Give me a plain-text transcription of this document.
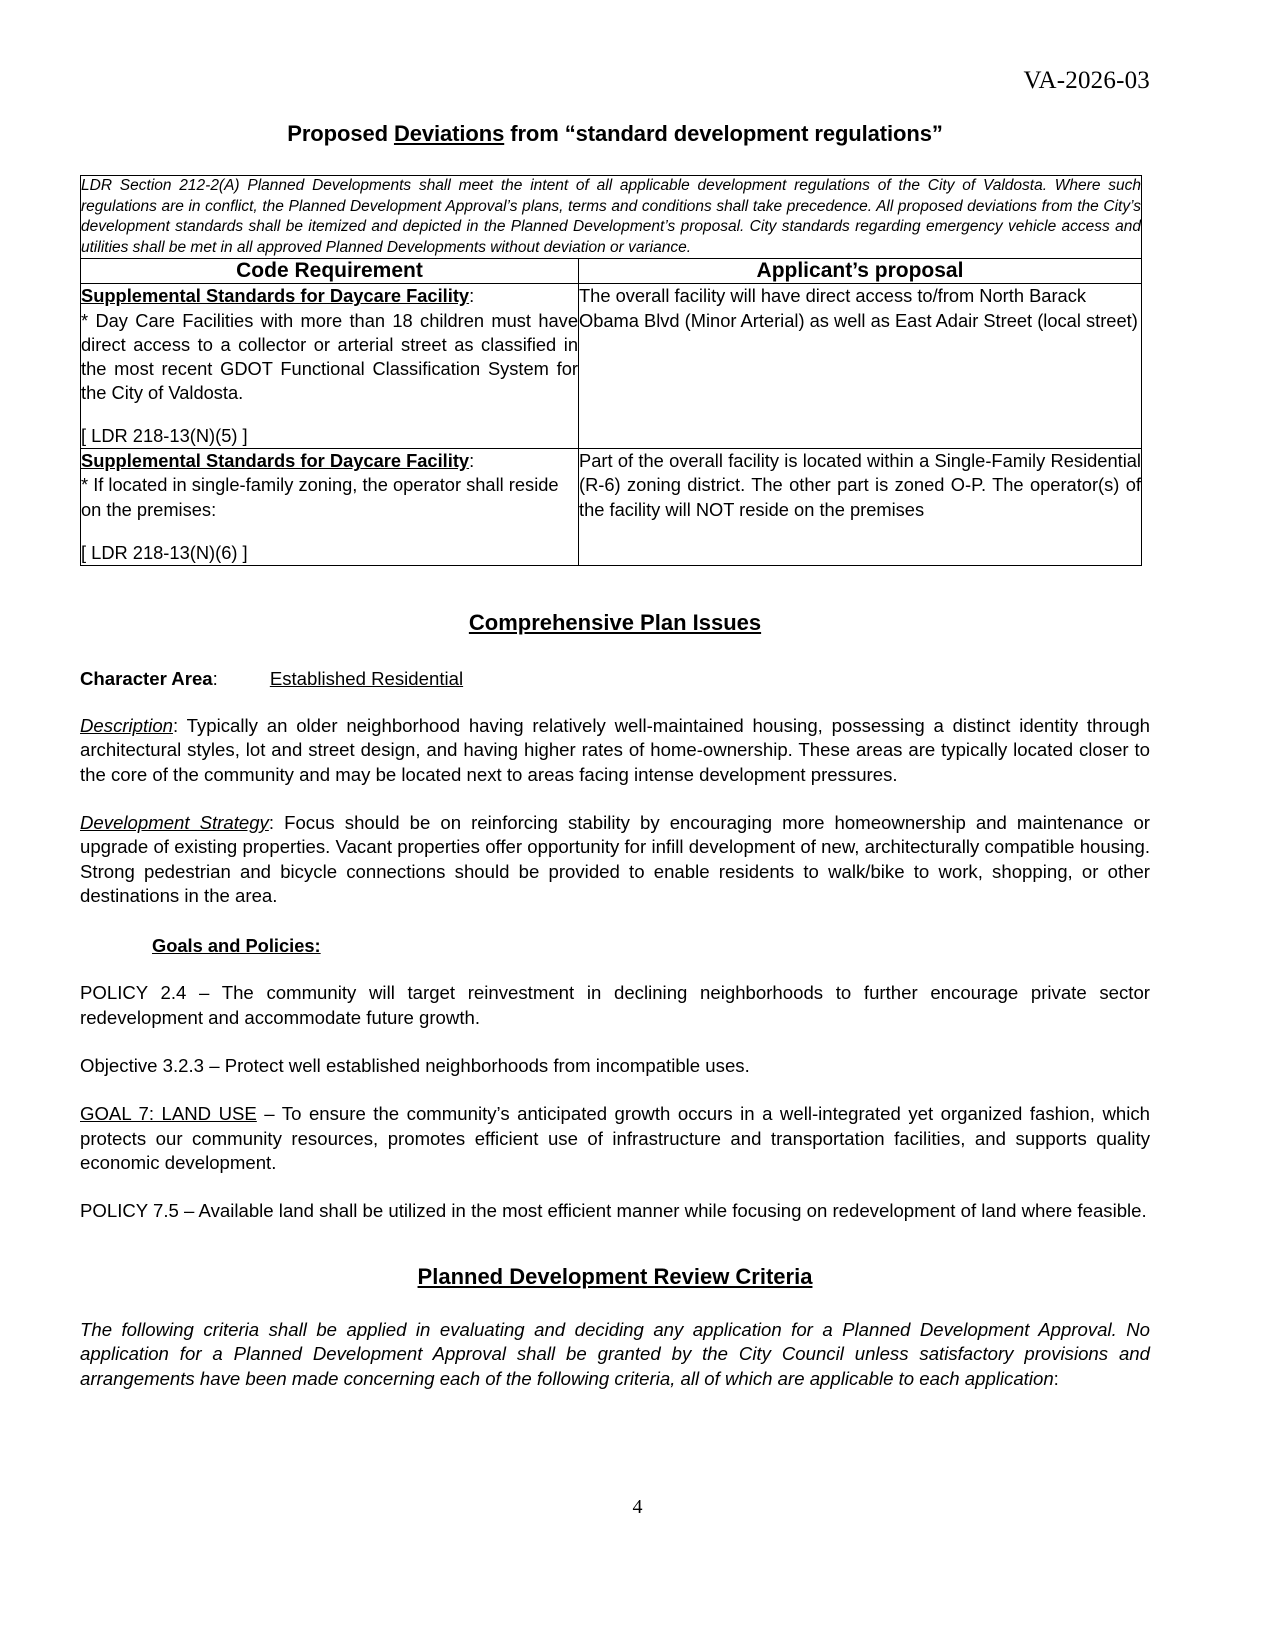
VA-2026-03
Proposed Deviations from “standard development regulations”
LDR Section 212-2(A) Planned Developments shall meet the intent of all applicable development regulations of the City of Valdosta. Where such regulations are in conflict, the Planned Development Approval’s plans, terms and conditions shall take precedence. All proposed deviations from the City’s development standards shall be itemized and depicted in the Planned Development’s proposal. City standards regarding emergency vehicle access and utilities shall be met in all approved Planned Developments without deviation or variance.	

Code Requirement	Applicant’s proposal
Supplemental Standards for Daycare Facility:
* Day Care Facilities with more than 18 children must have direct access to a collector or arterial street as classified in the most recent GDOT Functional Classification System for the City of Valdosta.
[ LDR 218-13(N)(5) ]	The overall facility will have direct access to/from North Barack Obama Blvd (Minor Arterial) as well as East Adair Street (local street)
Supplemental Standards for Daycare Facility:
* If located in single-family zoning, the operator shall reside on the premises:
[ LDR 218-13(N)(6) ]	Part of the overall facility is located within a Single-Family Residential (R-6) zoning district. The other part is zoned O-P. The operator(s) of the facility will NOT reside on the premises
Comprehensive Plan Issues
Character Area:	Established Residential

Description: Typically an older neighborhood having relatively well-maintained housing, possessing a distinct identity through architectural styles, lot and street design, and having higher rates of home-ownership. These areas are typically located closer to the core of the community and may be located next to areas facing intense development pressures.

Development Strategy: Focus should be on reinforcing stability by encouraging more homeownership and maintenance or upgrade of existing properties. Vacant properties offer opportunity for infill development of new, architecturally compatible housing. Strong pedestrian and bicycle connections should be provided to enable residents to walk/bike to work, shopping, or other destinations in the area.

Goals and Policies:

POLICY 2.4 – The community will target reinvestment in declining neighborhoods to further encourage private sector redevelopment and accommodate future growth.

Objective 3.2.3 – Protect well established neighborhoods from incompatible uses.

GOAL 7: LAND USE – To ensure the community’s anticipated growth occurs in a well-integrated yet organized fashion, which protects our community resources, promotes efficient use of infrastructure and transportation facilities, and supports quality economic development.

POLICY 7.5 – Available land shall be utilized in the most efficient manner while focusing on redevelopment of land where feasible.

Planned Development Review Criteria

The following criteria shall be applied in evaluating and deciding any application for a Planned Development Approval. No application for a Planned Development Approval shall be granted by the City Council unless satisfactory provisions and arrangements have been made concerning each of the following criteria, all of which are applicable to each application:

4
